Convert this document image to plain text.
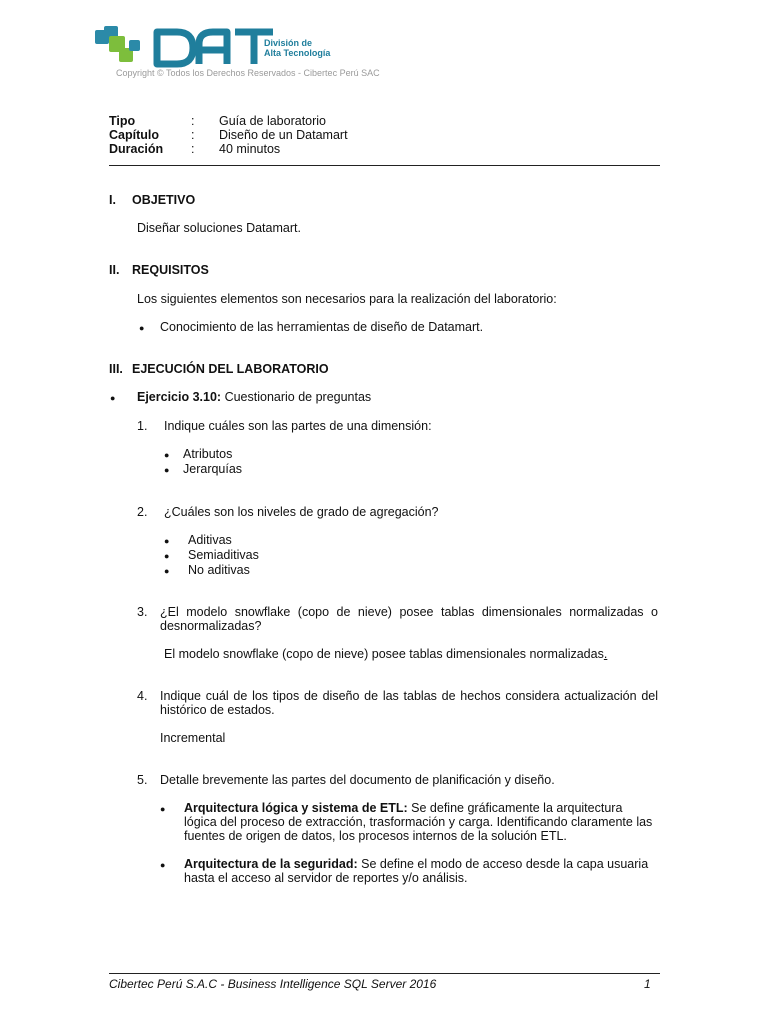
División de
Alta Tecnología
Copyright © Todos los Derechos Reservados - Cibertec Perú SAC
Tipo	: Guía de laboratorio
Capítulo	: Diseño de un Datamart
Duración : 40 minutos
I. OBJETIVO
Diseñar soluciones Datamart.
II. REQUISITOS
Los siguientes elementos son necesarios para la realización del laboratorio:
● Conocimiento de las herramientas de diseño de Datamart.
III. EJECUCIÓN DEL LABORATORIO
● Ejercicio 3.10: Cuestionario de preguntas
1. Indique cuáles son las partes de una dimensión:
● Atributos
● Jerarquías
2. ¿Cuáles son los niveles de grado de agregación?
● Aditivas
● Semiaditivas
● No aditivas
3. ¿El modelo snowflake (copo de nieve) posee tablas dimensionales normalizadas o desnormalizadas?
El modelo snowflake (copo de nieve) posee tablas dimensionales normalizadas.
4. Indique cuál de los tipos de diseño de las tablas de hechos considera actualización del histórico de estados.
Incremental
5. Detalle brevemente las partes del documento de planificación y diseño.
● Arquitectura lógica y sistema de ETL: Se define gráficamente la arquitectura lógica del proceso de extracción, trasformación y carga. Identificando claramente las fuentes de origen de datos, los procesos internos de la solución ETL.
● Arquitectura de la seguridad: Se define el modo de acceso desde la capa usuaria hasta el acceso al servidor de reportes y/o análisis.
Cibertec Perú S.A.C - Business Intelligence SQL Server 2016	1
